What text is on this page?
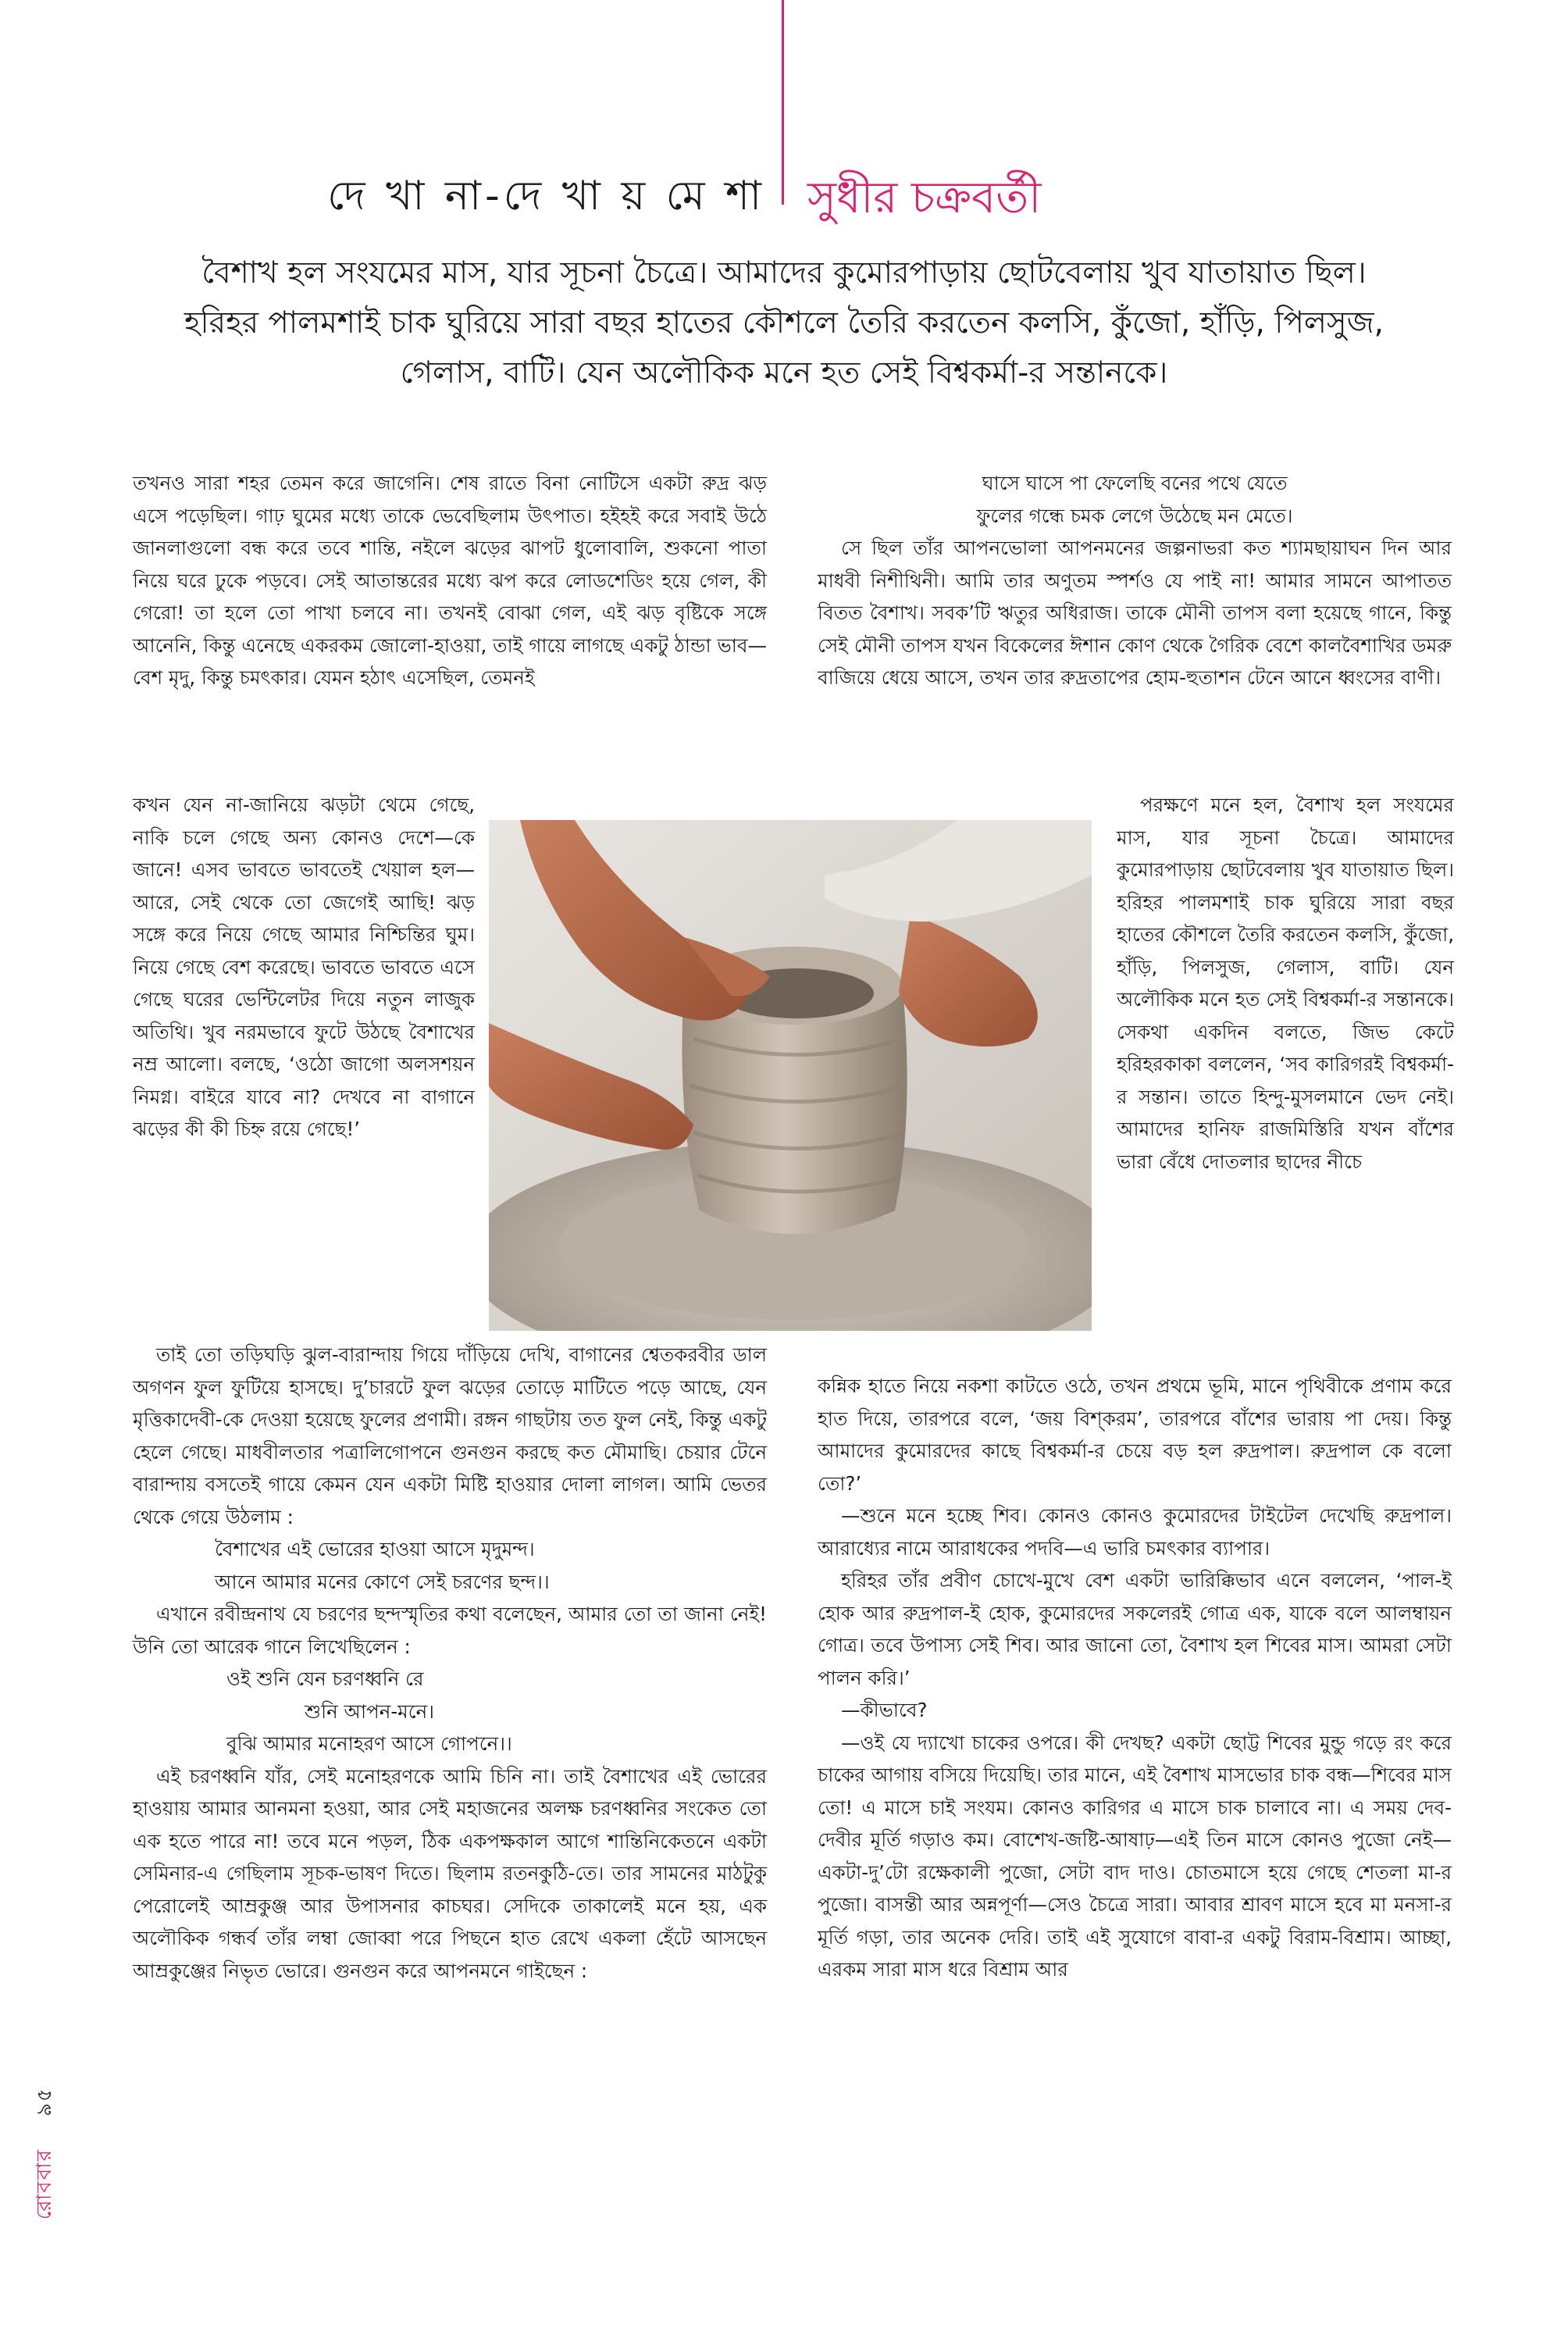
দে খা না-দে খা য় মে শা সুধীর চক্রবর্তী
বৈশাখ হল সংযমের মাস, যার সূচনা চৈত্রে। আমাদের কুমোরপাড়ায় ছোটবেলায় খুব যাতায়াত ছিল।
হরিহর পালমশাই চাক ঘুরিয়ে সারা বছর হাতের কৌশলে তৈরি করতেন কলসি, কুঁজো, হাঁড়ি, পিলসুজ,
গেলাস, বাটি। যেন অলৌকিক মনে হত সেই বিশ্বকর্মা-র সন্তানকে।

তখনও সারা শহর তেমন করে জাগেনি। শেষ রাতে বিনা নোটিসে একটা রুদ্র ঝড় এসে পড়েছিল। গাঢ় ঘুমের মধ্যে তাকে ভেবেছিলাম উৎপাত। হইহই করে সবাই উঠে জানলাগুলো বন্ধ করে তবে শান্তি, নইলে ঝড়ের ঝাপট ধুলোবালি, শুকনো পাতা নিয়ে ঘরে ঢুকে পড়বে। সেই আতান্তরের মধ্যে ঝপ করে লোডশেডিং হয়ে গেল, কী গেরো! তা হলে তো পাখা চলবে না। তখনই বোঝা গেল, এই ঝড় বৃষ্টিকে সঙ্গে আনেনি, কিন্তু এনেছে একরকম জোলো-হাওয়া, তাই গায়ে লাগছে একটু ঠান্ডা ভাব—বেশ মৃদু, কিন্তু চমৎকার। যেমন হঠাৎ এসেছিল, তেমনই

কখন যেন না-জানিয়ে ঝড়টা থেমে গেছে, নাকি চলে গেছে অন্য কোনও দেশে—কে জানে! এসব ভাবতে ভাবতেই খেয়াল হল—আরে, সেই থেকে তো জেগেই আছি! ঝড় সঙ্গে করে নিয়ে গেছে আমার নিশ্চিন্তির ঘুম। নিয়ে গেছে বেশ করেছে। ভাবতে ভাবতে এসে গেছে ঘরের ভেন্টিলেটর দিয়ে নতুন লাজুক অতিথি। খুব নরমভাবে ফুটে উঠছে বৈশাখের নম্র আলো। বলছে, ‘ওঠো জাগো অলসশয়ন নিমগ্ন। বাইরে যাবে না? দেখবে না বাগানে ঝড়ের কী কী চিহ্ন রয়ে গেছে!’

তাই তো তড়িঘড়ি ঝুল-বারান্দায় গিয়ে দাঁড়িয়ে দেখি, বাগানের শ্বেতকরবীর ডাল অগণন ফুল ফুটিয়ে হাসছে। দু’চারটে ফুল ঝড়ের তোড়ে মাটিতে পড়ে আছে, যেন মৃত্তিকাদেবী-কে দেওয়া হয়েছে ফুলের প্রণামী। রঙ্গন গাছটায় তত ফুল নেই, কিন্তু একটু হেলে গেছে। মাধবীলতার পত্রালিগোপনে গুনগুন করছে কত মৌমাছি। চেয়ার টেনে বারান্দায় বসতেই গায়ে কেমন যেন একটা মিষ্টি হাওয়ার দোলা লাগল। আমি ভেতর থেকে গেয়ে উঠলাম :

বৈশাখের এই ভোরের হাওয়া আসে মৃদুমন্দ।

আনে আমার মনের কোণে সেই চরণের ছন্দ।।

এখানে রবীন্দ্রনাথ যে চরণের ছন্দস্মৃতির কথা বলেছেন, আমার তো তা জানা নেই! উনি তো আরেক গানে লিখেছিলেন :

ওই শুনি যেন চরণধ্বনি রে

শুনি আপন-মনে।

বুঝি আমার মনোহরণ আসে গোপনে।।

এই চরণধ্বনি যাঁর, সেই মনোহরণকে আমি চিনি না। তাই বৈশাখের এই ভোরের হাওয়ায় আমার আনমনা হওয়া, আর সেই মহাজনের অলক্ষ চরণধ্বনির সংকেত তো এক হতে পারে না! তবে মনে পড়ল, ঠিক একপক্ষকাল আগে শান্তিনিকেতনে একটা সেমিনার-এ গেছিলাম সূচক-ভাষণ দিতে। ছিলাম রতনকুঠি-তে। তার সামনের মাঠটুকু পেরোলেই আম্রকুঞ্জ আর উপাসনার কাচঘর। সেদিকে তাকালেই মনে হয়, এক অলৌকিক গন্ধর্ব তাঁর লম্বা জোব্বা পরে পিছনে হাত রেখে একলা হেঁটে আসছেন আম্রকুঞ্জের নিভৃত ভোরে। গুনগুন করে আপনমনে গাইছেন :

ঘাসে ঘাসে পা ফেলেছি বনের পথে যেতে

ফুলের গন্ধে চমক লেগে উঠেছে মন মেতে।

সে ছিল তাঁর আপনভোলা আপনমনের জল্পনাভরা কত শ্যামছায়াঘন দিন আর মাধবী নিশীথিনী। আমি তার অণুতম স্পর্শও যে পাই না! আমার সামনে আপাতত বিতত বৈশাখ। সবক’টি ঋতুর অধিরাজ। তাকে মৌনী তাপস বলা হয়েছে গানে, কিন্তু সেই মৌনী তাপস যখন বিকেলের ঈশান কোণ থেকে গৈরিক বেশে কালবৈশাখির ডমরু বাজিয়ে ধেয়ে আসে, তখন তার রুদ্রতাপের হোম-হুতাশন টেনে আনে ধ্বংসের বাণী।

পরক্ষণে মনে হল, বৈশাখ হল সংযমের মাস, যার সূচনা চৈত্রে। আমাদের কুমোরপাড়ায় ছোটবেলায় খুব যাতায়াত ছিল। হরিহর পালমশাই চাক ঘুরিয়ে সারা বছর হাতের কৌশলে তৈরি করতেন কলসি, কুঁজো, হাঁড়ি, পিলসুজ, গেলাস, বাটি। যেন অলৌকিক মনে হত সেই বিশ্বকর্মা-র সন্তানকে। সেকথা একদিন বলতে, জিভ কেটে হরিহরকাকা বললেন, ‘সব কারিগরই বিশ্বকর্মা-র সন্তান। তাতে হিন্দু-মুসলমানে ভেদ নেই। আমাদের হানিফ রাজমিস্তিরি যখন বাঁশের ভারা বেঁধে দোতলার ছাদের নীচে

কন্নিক হাতে নিয়ে নকশা কাটতে ওঠে, তখন প্রথমে ভূমি, মানে পৃথিবীকে প্রণাম করে হাত দিয়ে, তারপরে বলে, ‘জয় বিশ্করম’, তারপরে বাঁশের ভারায় পা দেয়। কিন্তু আমাদের কুমোরদের কাছে বিশ্বকর্মা-র চেয়ে বড় হল রুদ্রপাল। রুদ্রপাল কে বলো তো?’

—শুনে মনে হচ্ছে শিব। কোনও কোনও কুমোরদের টাইটেল দেখেছি রুদ্রপাল। আরাধ্যের নামে আরাধকের পদবি—এ ভারি চমৎকার ব্যাপার।

হরিহর তাঁর প্রবীণ চোখে-মুখে বেশ একটা ভারিক্কিভাব এনে বললেন, ‘পাল-ই হোক আর রুদ্রপাল-ই হোক, কুমোরদের সকলেরই গোত্র এক, যাকে বলে আলম্বায়ন গোত্র। তবে উপাস্য সেই শিব। আর জানো তো, বৈশাখ হল শিবের মাস। আমরা সেটা পালন করি।’

—কীভাবে?

—ওই যে দ্যাখো চাকের ওপরে। কী দেখছ? একটা ছোট্ট শিবের মুন্ডু গড়ে রং করে চাকের আগায় বসিয়ে দিয়েছি। তার মানে, এই বৈশাখ মাসভোর চাক বন্ধ—শিবের মাস তো! এ মাসে চাই সংযম। কোনও কারিগর এ মাসে চাক চালাবে না। এ সময় দেব-দেবীর মূর্তি গড়াও কম। বোশেখ-জষ্টি-আষাঢ়—এই তিন মাসে কোনও পুজো নেই—একটা-দু’টো রক্ষেকালী পুজো, সেটা বাদ দাও। চোতমাসে হয়ে গেছে শেতলা মা-র পুজো। বাসন্তী আর অন্নপূর্ণা—সেও চৈত্রে সারা। আবার শ্রাবণ মাসে হবে মা মনসা-র মূর্তি গড়া, তার অনেক দেরি। তাই এই সুযোগে বাবা-র একটু বিরাম-বিশ্রাম। আচ্ছা, এরকম সারা মাস ধরে বিশ্রাম আর

রোববার    ৯৫
